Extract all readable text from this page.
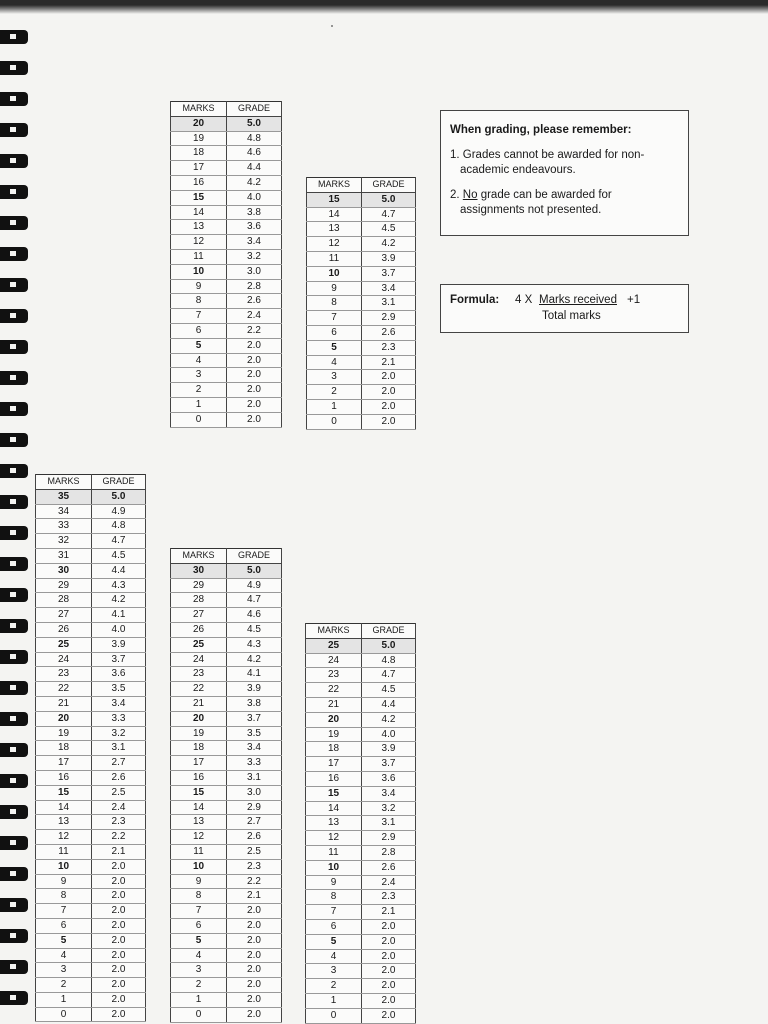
MARKS	GRADE
20	5.0
19	4.8
18	4.6
17	4.4
16	4.2
15	4.0
14	3.8
13	3.6
12	3.4
11	3.2
10	3.0
9	2.8
8	2.6
7	2.4
6	2.2
5	2.0
4	2.0
3	2.0
2	2.0
1	2.0
0	2.0
MARKS	GRADE
15	5.0
14	4.7
13	4.5
12	4.2
11	3.9
10	3.7
9	3.4
8	3.1
7	2.9
6	2.6
5	2.3
4	2.1
3	2.0
2	2.0
1	2.0
0	2.0
MARKS	GRADE
35	5.0
34	4.9
33	4.8
32	4.7
31	4.5
30	4.4
29	4.3
28	4.2
27	4.1
26	4.0
25	3.9
24	3.7
23	3.6
22	3.5
21	3.4
20	3.3
19	3.2
18	3.1
17	2.7
16	2.6
15	2.5
14	2.4
13	2.3
12	2.2
11	2.1
10	2.0
9	2.0
8	2.0
7	2.0
6	2.0
5	2.0
4	2.0
3	2.0
2	2.0
1	2.0
0	2.0
MARKS	GRADE
30	5.0
29	4.9
28	4.7
27	4.6
26	4.5
25	4.3
24	4.2
23	4.1
22	3.9
21	3.8
20	3.7
19	3.5
18	3.4
17	3.3
16	3.1
15	3.0
14	2.9
13	2.7
12	2.6
11	2.5
10	2.3
9	2.2
8	2.1
7	2.0
6	2.0
5	2.0
4	2.0
3	2.0
2	2.0
1	2.0
0	2.0
MARKS	GRADE
25	5.0
24	4.8
23	4.7
22	4.5
21	4.4
20	4.2
19	4.0
18	3.9
17	3.7
16	3.6
15	3.4
14	3.2
13	3.1
12	2.9
11	2.8
10	2.6
9	2.4
8	2.3
7	2.1
6	2.0
5	2.0
4	2.0
3	2.0
2	2.0
1	2.0
0	2.0
When grading, please remember:
1. Grades cannot be awarded for non-
academic endeavours.
2. No grade can be awarded for
assignments not presented.
Formula: 4 X Marks received +1
Total marks
